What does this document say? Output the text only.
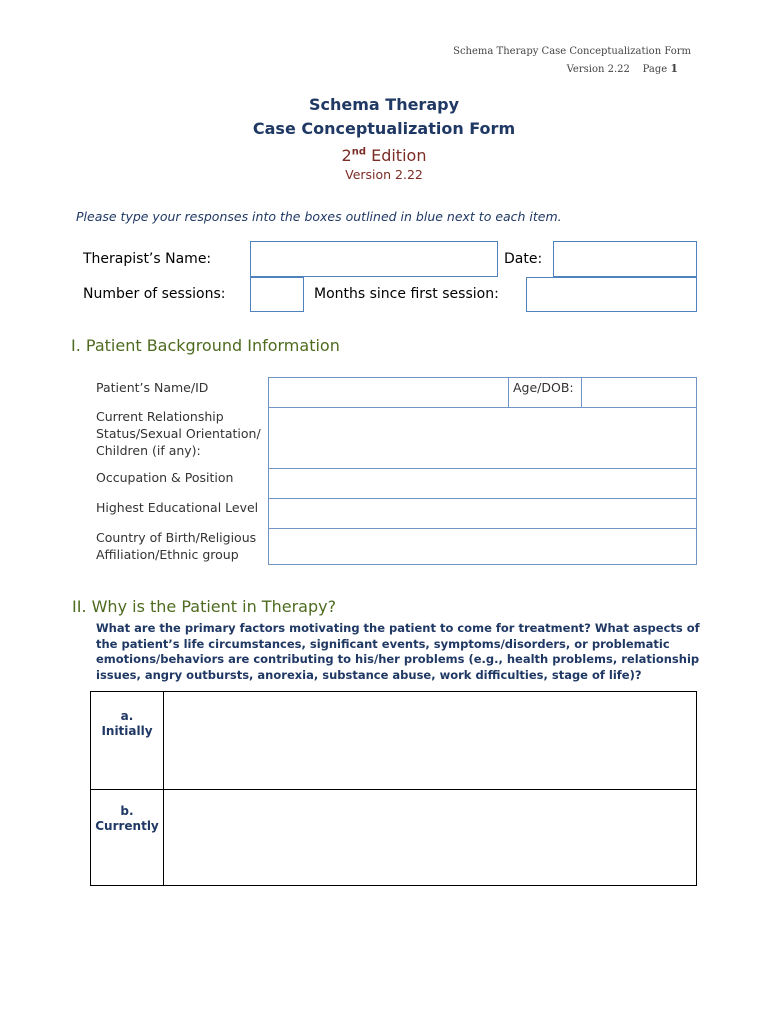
Schema Therapy Case Conceptualization Form
Version 2.22 Page 1
Schema Therapy
Case Conceptualization Form
2nd Edition
Version 2.22
Please type your responses into the boxes outlined in blue next to each item.
Therapist’s Name:	Date:
Number of sessions:	Months since first session:
I. Patient Background Information
Patient’s Name/ID	Age/DOB:
Current Relationship
Status/Sexual Orientation/
Children (if any):
Occupation & Position
Highest Educational Level
Country of Birth/Religious
Affiliation/Ethnic group
II. Why is the Patient in Therapy?
What are the primary factors motivating the patient to come for treatment? What aspects of
the patient’s life circumstances, significant events, symptoms/disorders, or problematic
emotions/behaviors are contributing to his/her problems (e.g., health problems, relationship
issues, angry outbursts, anorexia, substance abuse, work difficulties, stage of life)?
a.
Initially
b.
Currently
